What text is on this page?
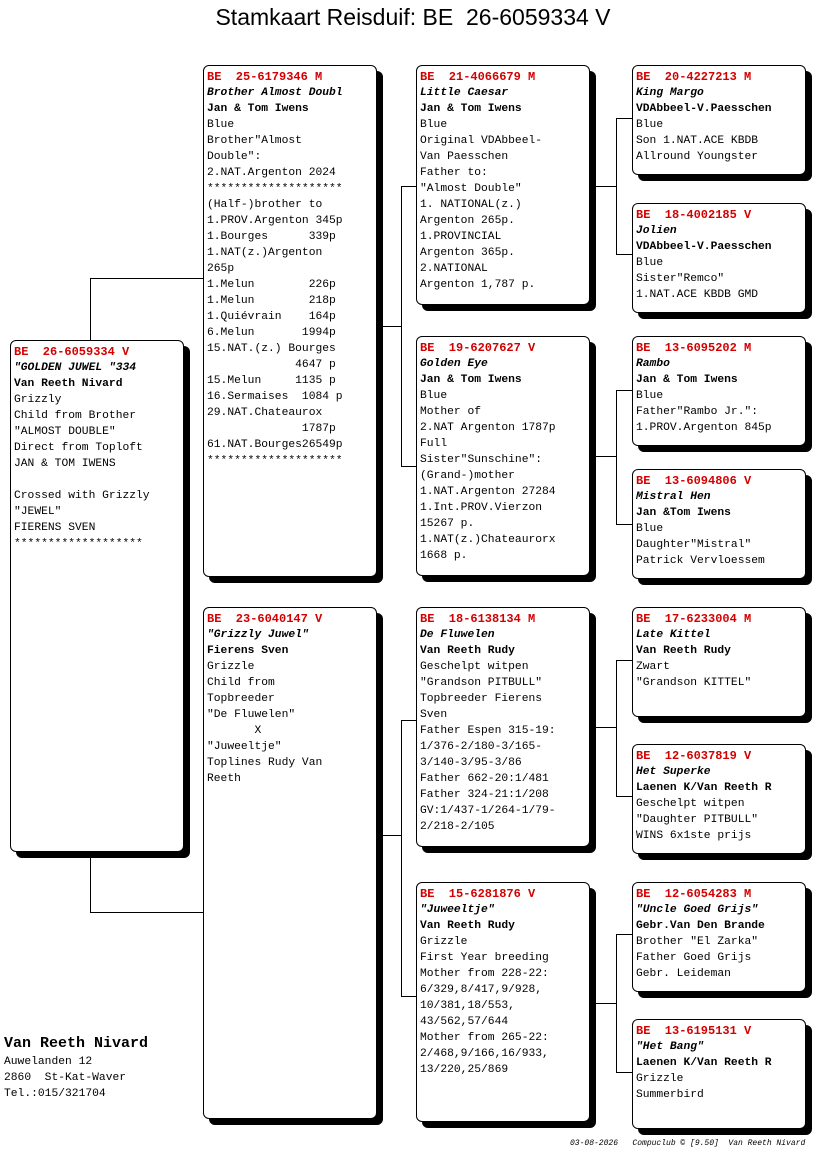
Stamkaart Reisduif: BE  26-6059334 V
BE  26-6059334 V
"GOLDEN JUWEL "334
Van Reeth Nivard
Grizzly
Child from Brother
"ALMOST DOUBLE"
Direct from Toploft
JAN & TOM IWENS
Crossed with Grizzly
"JEWEL"
FIERENS SVEN
*******************
BE  25-6179346 M
Brother Almost Doubl
Jan & Tom Iwens
Blue
Brother"Almost
Double":
2.NAT.Argenton 2024
********************
(Half-)brother to
1.PROV.Argenton 345p
1.Bourges      339p
1.NAT(z.)Argenton
265p
1.Melun        226p
1.Melun        218p
1.Quiévrain    164p
6.Melun       1994p
15.NAT.(z.) Bourges
4647 p
15.Melun     1135 p
16.Sermaises  1084 p
29.NAT.Chateaurox
1787p
61.NAT.Bourges26549p
********************
BE  23-6040147 V
"Grizzly Juwel"
Fierens Sven
Grizzle
Child from
Topbreeder
"De Fluwelen"
X
"Juweeltje"
Toplines Rudy Van
Reeth
BE  21-4066679 M
Little Caesar
Jan & Tom Iwens
Blue
Original VDAbbeel-
Van Paesschen
Father to:
"Almost Double"
1. NATIONAL(z.)
Argenton 265p.
1.PROVINCIAL
Argenton 365p.
2.NATIONAL
Argenton 1,787 p.
BE  19-6207627 V
Golden Eye
Jan & Tom Iwens
Blue
Mother of
2.NAT Argenton 1787p
Full
Sister"Sunschine":
(Grand-)mother
1.NAT.Argenton 27284
1.Int.PROV.Vierzon
15267 p.
1.NAT(z.)Chateaurorx
1668 p.
BE  18-6138134 M
De Fluwelen
Van Reeth Rudy
Geschelpt witpen
"Grandson PITBULL"
Topbreeder Fierens
Sven
Father Espen 315-19:
1/376-2/180-3/165-
3/140-3/95-3/86
Father 662-20:1/481
Father 324-21:1/208
GV:1/437-1/264-1/79-
2/218-2/105
BE  15-6281876 V
"Juweeltje"
Van Reeth Rudy
Grizzle
First Year breeding
Mother from 228-22:
6/329,8/417,9/928,
10/381,18/553,
43/562,57/644
Mother from 265-22:
2/468,9/166,16/933,
13/220,25/869
BE  20-4227213 M
King Margo
VDAbbeel-V.Paesschen
Blue
Son 1.NAT.ACE KBDB
Allround Youngster
BE  18-4002185 V
Jolien
VDAbbeel-V.Paesschen
Blue
Sister"Remco"
1.NAT.ACE KBDB GMD
BE  13-6095202 M
Rambo
Jan & Tom Iwens
Blue
Father"Rambo Jr.":
1.PROV.Argenton 845p
BE  13-6094806 V
Mistral Hen
Jan &Tom Iwens
Blue
Daughter"Mistral"
Patrick Vervloessem
BE  17-6233004 M
Late Kittel
Van Reeth Rudy
Zwart
"Grandson KITTEL"
BE  12-6037819 V
Het Superke
Laenen K/Van Reeth R
Geschelpt witpen
"Daughter PITBULL"
WINS 6x1ste prijs
BE  12-6054283 M
"Uncle Goed Grijs"
Gebr.Van Den Brande
Brother "El Zarka"
Father Goed Grijs
Gebr. Leideman
BE  13-6195131 V
"Het Bang"
Laenen K/Van Reeth R
Grizzle
Summerbird
Van Reeth Nivard
Auwelanden 12
2860  St-Kat-Waver
Tel.:015/321704
03-08-2026   Compuclub © [9.50]  Van Reeth Nivard
